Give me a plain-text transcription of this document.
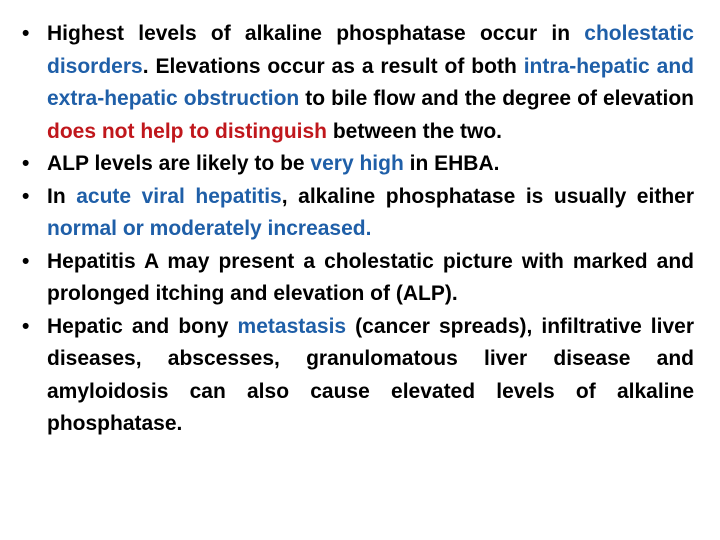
• Highest levels of alkaline phosphatase occur in cholestatic disorders. Elevations occur as a result of both intra-hepatic and extra-hepatic obstruction to bile flow and the degree of elevation does not help to distinguish between the two.
• ALP levels are likely to be very high in EHBA.
• In acute viral hepatitis, alkaline phosphatase is usually either normal or moderately increased.
• Hepatitis A may present a cholestatic picture with marked and prolonged itching and elevation of (ALP).
• Hepatic and bony metastasis (cancer spreads), infiltrative liver diseases, abscesses, granulomatous liver disease and amyloidosis can also cause elevated levels of alkaline phosphatase.
